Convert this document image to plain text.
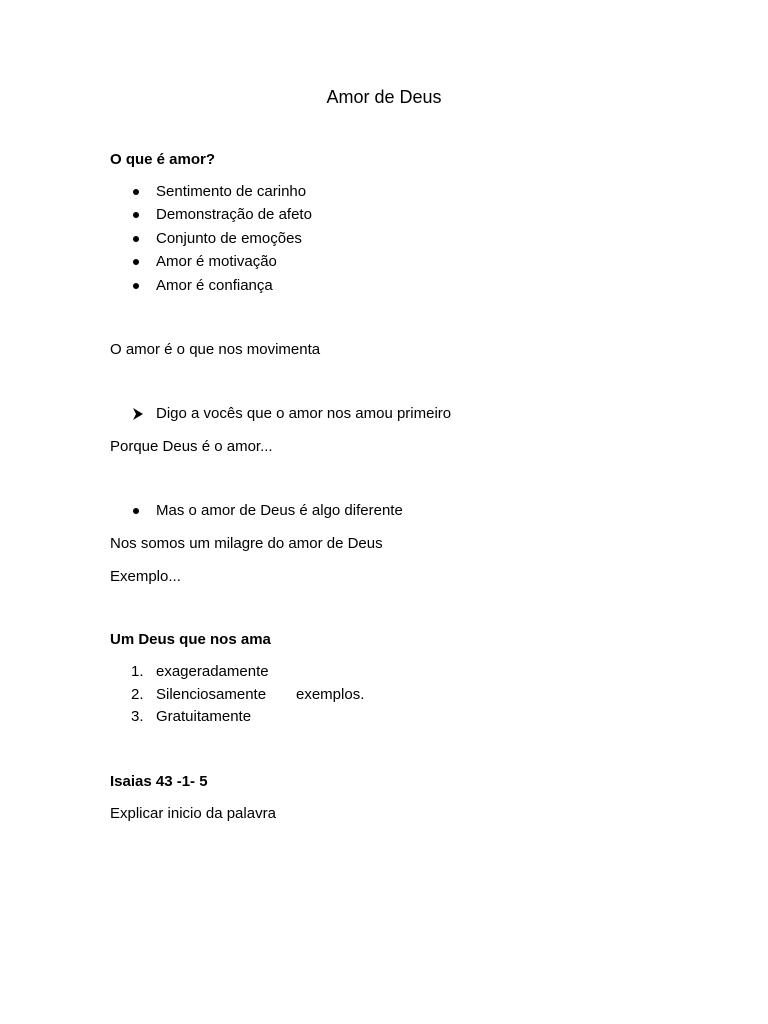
Amor de Deus
O que é amor?
Sentimento de carinho
Demonstração de afeto
Conjunto de emoções
Amor é motivação
Amor é confiança
O amor é o que nos movimenta
Digo a vocês que o amor nos amou primeiro
Porque Deus é o amor...
Mas o amor de Deus é algo diferente
Nos somos um milagre do amor de Deus
Exemplo...
Um Deus que nos ama
1. exageradamente
2. Silenciosamente exemplos.
3. Gratuitamente
Isaias 43 -1- 5
Explicar inicio da palavra
